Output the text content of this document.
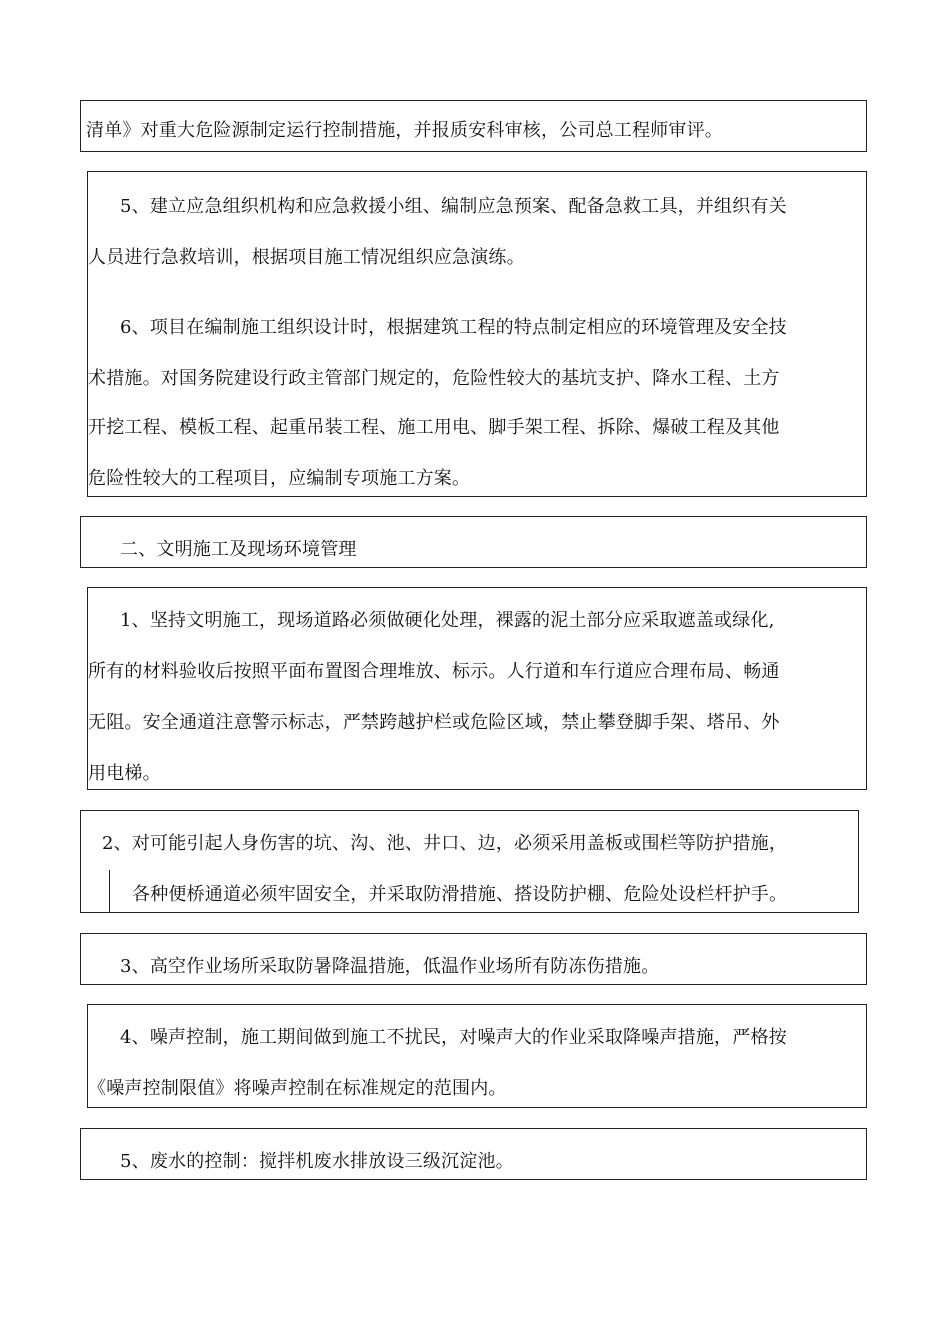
清单》对重大危险源制定运行控制措施，并报质安科审核，公司总工程师审评。
5、建立应急组织机构和应急救援小组、编制应急预案、配备急救工具，并组织有关
人员进行急救培训，根据项目施工情况组织应急演练。
6、项目在编制施工组织设计时，根据建筑工程的特点制定相应的环境管理及安全技
术措施。对国务院建设行政主管部门规定的，危险性较大的基坑支护、降水工程、土方
开挖工程、模板工程、起重吊装工程、施工用电、脚手架工程、拆除、爆破工程及其他
危险性较大的工程项目，应编制专项施工方案。
二、文明施工及现场环境管理
1、坚持文明施工，现场道路必须做硬化处理，裸露的泥土部分应采取遮盖或绿化,
所有的材料验收后按照平面布置图合理堆放、标示。人行道和车行道应合理布局、畅通
无阻。安全通道注意警示标志，严禁跨越护栏或危险区域，禁止攀登脚手架、塔吊、外
用电梯。
2、对可能引起人身伤害的坑、沟、池、井口、边，必须采用盖板或围栏等防护措施，
各种便桥通道必须牢固安全，并采取防滑措施、搭设防护棚、危险处设栏杆护手。
3、高空作业场所采取防暑降温措施，低温作业场所有防冻伤措施。
4、噪声控制，施工期间做到施工不扰民，对噪声大的作业采取降噪声措施，严格按
《噪声控制限值》将噪声控制在标准规定的范围内。
5、废水的控制：搅拌机废水排放设三级沉淀池。
